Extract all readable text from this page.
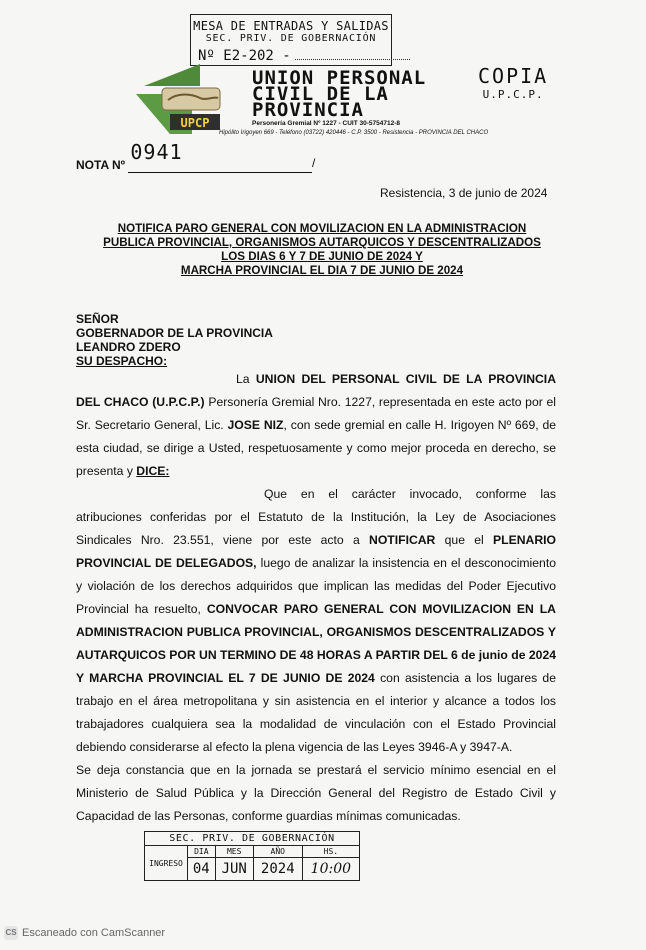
MESA DE ENTRADAS Y SALIDAS
SEC. PRIV. DE GOBERNACIÓN
Nº E2-202 -
UPCP
UNION PERSONAL
CIVIL DE LA
PROVINCIA
Personería Gremial Nº 1227 - CUIT 30-5754712-8
Hipólito Irigoyen 669 - Teléfono (03722) 420446 - C.P. 3500 - Resistencia - PROVINCIA DEL CHACO
COPIA
U.P.C.P.
NOTA Nº 0941	/
Resistencia, 3 de junio de 2024
NOTIFICA PARO GENERAL CON MOVILIZACION EN LA ADMINISTRACION
PUBLICA PROVINCIAL, ORGANISMOS AUTARQUICOS Y DESCENTRALIZADOS
LOS DIAS 6 Y 7 DE JUNIO DE 2024 Y
MARCHA PROVINCIAL EL DIA 7 DE JUNIO DE 2024
SEÑOR
GOBERNADOR DE LA PROVINCIA
LEANDRO ZDERO
SU DESPACHO:

La UNION DEL PERSONAL CIVIL DE LA PROVINCIA DEL CHACO (U.P.C.P.) Personería Gremial Nro. 1227, representada en este acto por el Sr. Secretario General, Lic. JOSE NIZ, con sede gremial en calle H. Irigoyen Nº 669, de esta ciudad, se dirige a Usted, respetuosamente y como mejor proceda en derecho, se presenta y DICE:

Que en el carácter invocado, conforme las atribuciones conferidas por el Estatuto de la Institución, la Ley de Asociaciones Sindicales Nro. 23.551, viene por este acto a NOTIFICAR que el PLENARIO PROVINCIAL DE DELEGADOS, luego de analizar la insistencia en el desconocimiento y violación de los derechos adquiridos que implican las medidas del Poder Ejecutivo Provincial ha resuelto, CONVOCAR PARO GENERAL CON MOVILIZACION EN LA ADMINISTRACION PUBLICA PROVINCIAL, ORGANISMOS DESCENTRALIZADOS Y AUTARQUICOS POR UN TERMINO DE 48 HORAS A PARTIR DEL 6 de junio de 2024 Y MARCHA PROVINCIAL EL 7 DE JUNIO DE 2024 con asistencia a los lugares de trabajo en el área metropolitana y sin asistencia en el interior y alcance a todos los trabajadores cualquiera sea la modalidad de vinculación con el Estado Provincial debiendo considerarse al efecto la plena vigencia de las Leyes 3946-A y 3947-A.

Se deja constancia que en la jornada se prestará el servicio mínimo esencial en el Ministerio de Salud Pública y la Dirección General del Registro de Estado Civil y Capacidad de las Personas, conforme guardias mínimas comunicadas.

SEC. PRIV. DE GOBERNACIÓN
INGRESO	DIA	MES	AÑO	HS.
	04	JUN	2024	10:00
CS Escaneado con CamScanner
